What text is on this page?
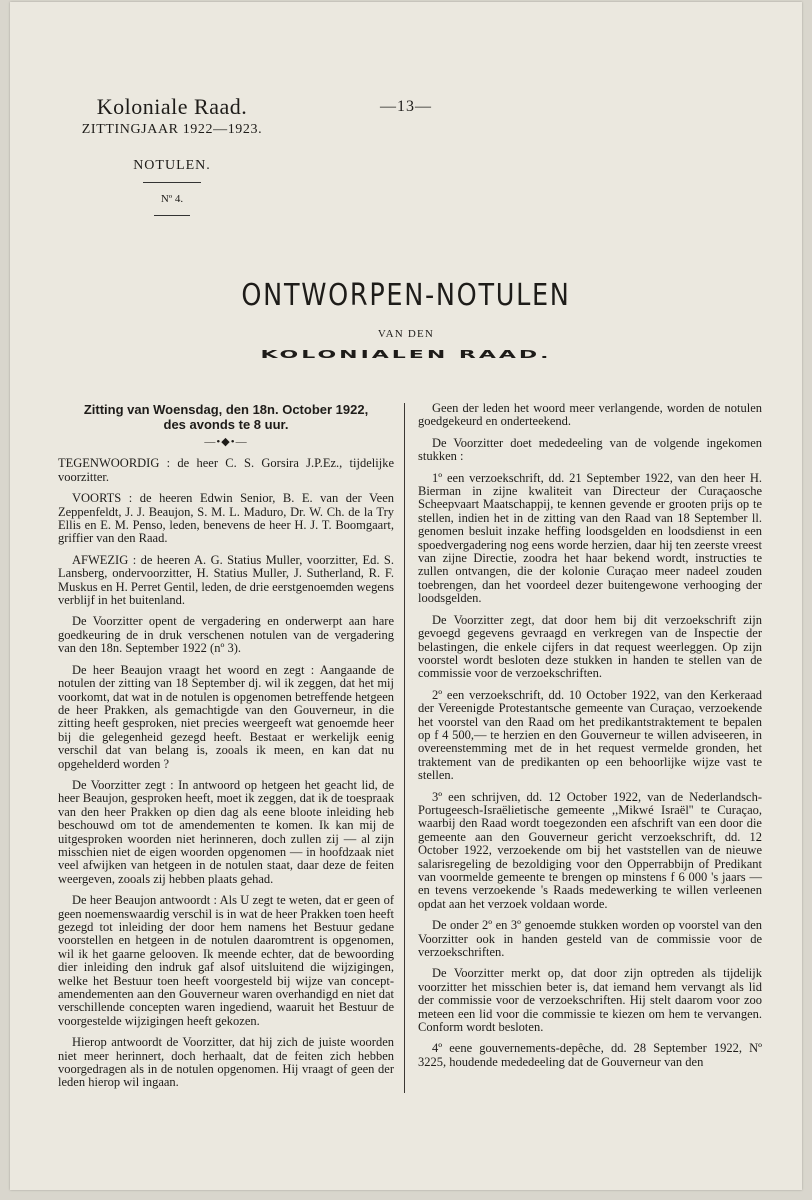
Koloniale Raad.
ZITTINGJAAR 1922—1923.
NOTULEN.
Nº 4.
—13—
ONTWORPEN-NOTULEN
VAN DEN
KOLONIALEN RAAD.
Zitting van Woensdag, den 18n. October 1922,
des avonds te 8 uur.
—•◆•—

TEGENWOORDIG : de heer C. S. Gorsira J.P.Ez., tijdelijke voorzitter.

VOORTS : de heeren Edwin Senior, B. E. van der Veen Zeppenfeldt, J. J. Beaujon, S. M. L. Maduro, Dr. W. Ch. de la Try Ellis en E. M. Penso, leden, benevens de heer H. J. T. Boomgaart, griffier van den Raad.

AFWEZIG : de heeren A. G. Statius Muller, voorzitter, Ed. S. Lansberg, ondervoorzitter, H. Statius Muller, J. Sutherland, R. F. Muskus en H. Perret Gentil, leden, de drie eerstgenoemden wegens verblijf in het buitenland.

De Voorzitter opent de vergadering en onderwerpt aan hare goedkeuring de in druk verschenen notulen van de vergadering van den 18n. September 1922 (nº 3).

De heer Beaujon vraagt het woord en zegt : Aangaande de notulen der zitting van 18 September dj. wil ik zeggen, dat het mij voorkomt, dat wat in de notulen is opgenomen betreffende hetgeen de heer Prakken, als gemachtigde van den Gouverneur, in die zitting heeft gesproken, niet precies weergeeft wat genoemde heer bij die gelegenheid gezegd heeft. Bestaat er werkelijk eenig verschil dat van belang is, zooals ik meen, en kan dat nu opgehelderd worden ?

De Voorzitter zegt : In antwoord op hetgeen het geacht lid, de heer Beaujon, gesproken heeft, moet ik zeggen, dat ik de toespraak van den heer Prakken op dien dag als eene bloote inleiding heb beschouwd om tot de amendementen te komen. Ik kan mij de uitgesproken woorden niet herinneren, doch zullen zij — al zijn misschien niet de eigen woorden opgenomen — in hoofdzaak niet veel afwijken van hetgeen in de notulen staat, daar deze de feiten weergeven, zooals zij hebben plaats gehad.

De heer Beaujon antwoordt : Als U zegt te weten, dat er geen of geen noemenswaardig verschil is in wat de heer Prakken toen heeft gezegd tot inleiding der door hem namens het Bestuur gedane voorstellen en hetgeen in de notulen daaromtrent is opgenomen, wil ik het gaarne gelooven. Ik meende echter, dat de bewoording dier inleiding den indruk gaf alsof uitsluitend die wijzigingen, welke het Bestuur toen heeft voorgesteld bij wijze van concept-amendementen aan den Gouverneur waren overhandigd en niet dat verschillende concepten waren ingediend, waaruit het Bestuur de voorgestelde wijzigingen heeft gekozen.

Hierop antwoordt de Voorzitter, dat hij zich de juiste woorden niet meer herinnert, doch herhaalt, dat de feiten zich hebben voorgedragen als in de notulen opgenomen. Hij vraagt of geen der leden hierop wil ingaan.

Geen der leden het woord meer verlangende, worden de notulen goedgekeurd en onderteekend.

De Voorzitter doet mededeeling van de volgende ingekomen stukken :

1º een verzoekschrift, dd. 21 September 1922, van den heer H. Bierman in zijne kwaliteit van Directeur der Curaçaosche Scheepvaart Maatschappij, te kennen gevende er grooten prijs op te stellen, indien het in de zitting van den Raad van 18 September ll. genomen besluit inzake heffing loodsgelden en loodsdienst in een spoedvergadering nog eens worde herzien, daar hij ten zeerste vreest van zijne Directie, zoodra het haar bekend wordt, instructies te zullen ontvangen, die der kolonie Curaçao meer nadeel zouden toebrengen, dan het voordeel dezer buitengewone verhooging der loodsgelden.

De Voorzitter zegt, dat door hem bij dit verzoekschrift zijn gevoegd gegevens gevraagd en verkregen van de Inspectie der belastingen, die enkele cijfers in dat request weerleggen. Op zijn voorstel wordt besloten deze stukken in handen te stellen van de commissie voor de verzoekschriften.

2º een verzoekschrift, dd. 10 October 1922, van den Kerkeraad der Vereenigde Protestantsche gemeente van Curaçao, verzoekende het voorstel van den Raad om het predikantstraktement te bepalen op f 4 500,— te herzien en den Gouverneur te willen adviseeren, in overeenstemming met de in het request vermelde gronden, het traktement van de predikanten op een behoorlijke wijze vast te stellen.

3º een schrijven, dd. 12 October 1922, van de Nederlandsch-Portugeesch-Israëlietische gemeente ,,Mikwé Israël'' te Curaçao, waarbij den Raad wordt toegezonden een afschrift van een door die gemeente aan den Gouverneur gericht verzoekschrift, dd. 12 October 1922, verzoekende om bij het vaststellen van de nieuwe salarisregeling de bezoldiging voor den Opperrabbijn of Predikant van voormelde gemeente te brengen op minstens f 6 000 's jaars — en tevens verzoekende 's Raads medewerking te willen verleenen opdat aan het verzoek voldaan worde.

De onder 2º en 3º genoemde stukken worden op voorstel van den Voorzitter ook in handen gesteld van de commissie voor de verzoekschriften.

De Voorzitter merkt op, dat door zijn optreden als tijdelijk voorzitter het misschien beter is, dat iemand hem vervangt als lid der commissie voor de verzoekschriften. Hij stelt daarom voor zoo meteen een lid voor die commissie te kiezen om hem te vervangen. Conform wordt besloten.

4º eene gouvernements-depêche, dd. 28 September 1922, Nº 3225, houdende mededeeling dat de Gouverneur van den
